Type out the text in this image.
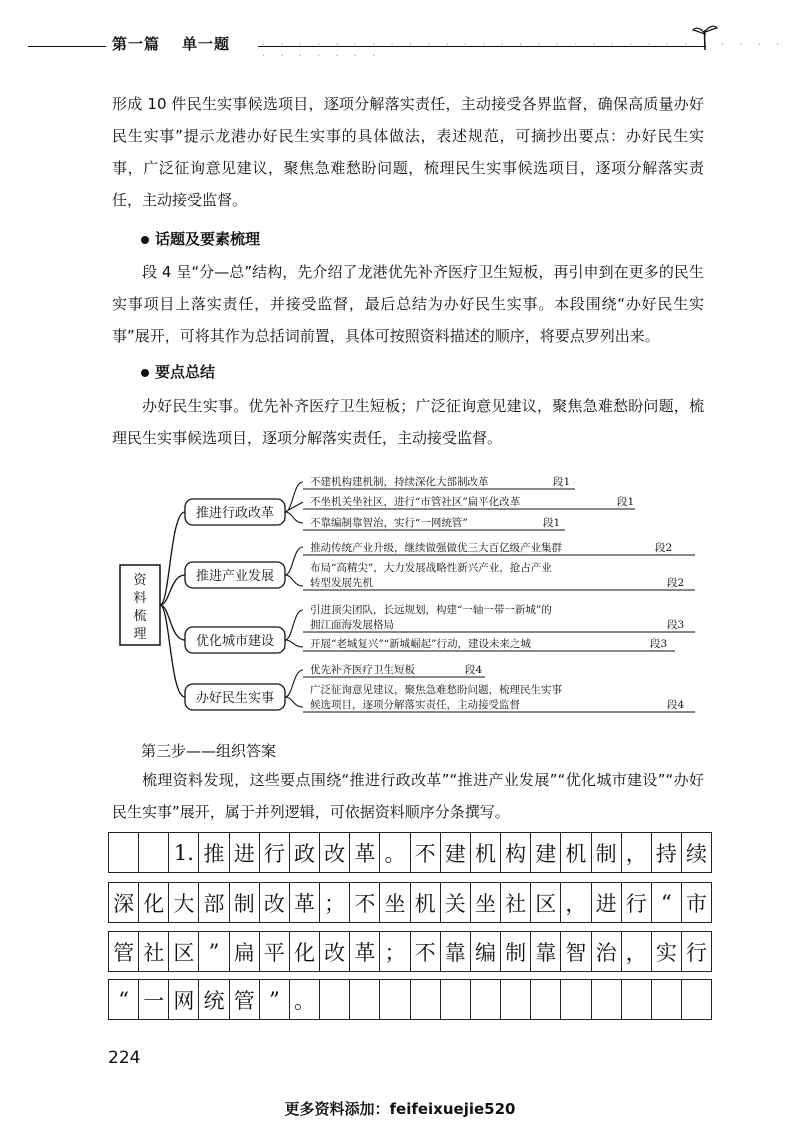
第一篇 单一题	· · · · · · · · · · · · · · · · · · · · · · · · · · · · · · · · · · · ·

形成 10 件民生实事候选项目，逐项分解落实责任，主动接受各界监督，确保高质量办好民生实事”提示龙港办好民生实事的具体做法，表述规范，可摘抄出要点：办好民生实事，广泛征询意见建议，聚焦急难愁盼问题，梳理民生实事候选项目，逐项分解落实责任，主动接受监督。

话题及要素梳理

段 4 呈“分—总”结构，先介绍了龙港优先补齐医疗卫生短板，再引申到在更多的民生实事项目上落实责任，并接受监督，最后总结为办好民生实事。本段围绕“办好民生实事”展开，可将其作为总括词前置，具体可按照资料描述的顺序，将要点罗列出来。

要点总结

办好民生实事。优先补齐医疗卫生短板；广泛征询意见建议，聚焦急难愁盼问题，梳理民生实事候选项目，逐项分解落实责任，主动接受监督。

资
料
梳
理
推进行政改革
不建机构建机制，持续深化大部制改革	段1
不坐机关坐社区，进行“市管社区”扁平化改革	段1
不靠编制靠智治，实行“一网统管”	段1
推进产业发展
推动传统产业升级，继续做强做优三大百亿级产业集群	段2
布局“高精尖”，大力发展战略性新兴产业，抢占产业
转型发展先机	段2
优化城市建设
引进顶尖团队，长远规划，构建“一轴一带一新城”的
拥江面海发展格局	段3
开展“老城复兴”“新城崛起”行动，建设未来之城	段3
办好民生实事
优先补齐医疗卫生短板	段4
广泛征询意见建议，聚焦急难愁盼问题，梳理民生实事
候选项目，逐项分解落实责任，主动接受监督	段4
第三步——组织答案

梳理资料发现，这些要点围绕“推进行政改革”“推进产业发展”“优化城市建设”“办好民生实事”展开，属于并列逻辑，可依据资料顺序分条撰写。

1. 推 进 行 政 改 革 。 不 建 机 构 建 机 制 ， 持 续
深 化 大 部 制 改 革 ； 不 坐 机 关 坐 社 区 ， 进 行 “ 市
管 社 区 ” 扁 平 化 改 革 ； 不 靠 编 制 靠 智 治 ， 实 行
“ 一 网 统 管 ” 。
224
更多资料添加：feifeixuejie520
